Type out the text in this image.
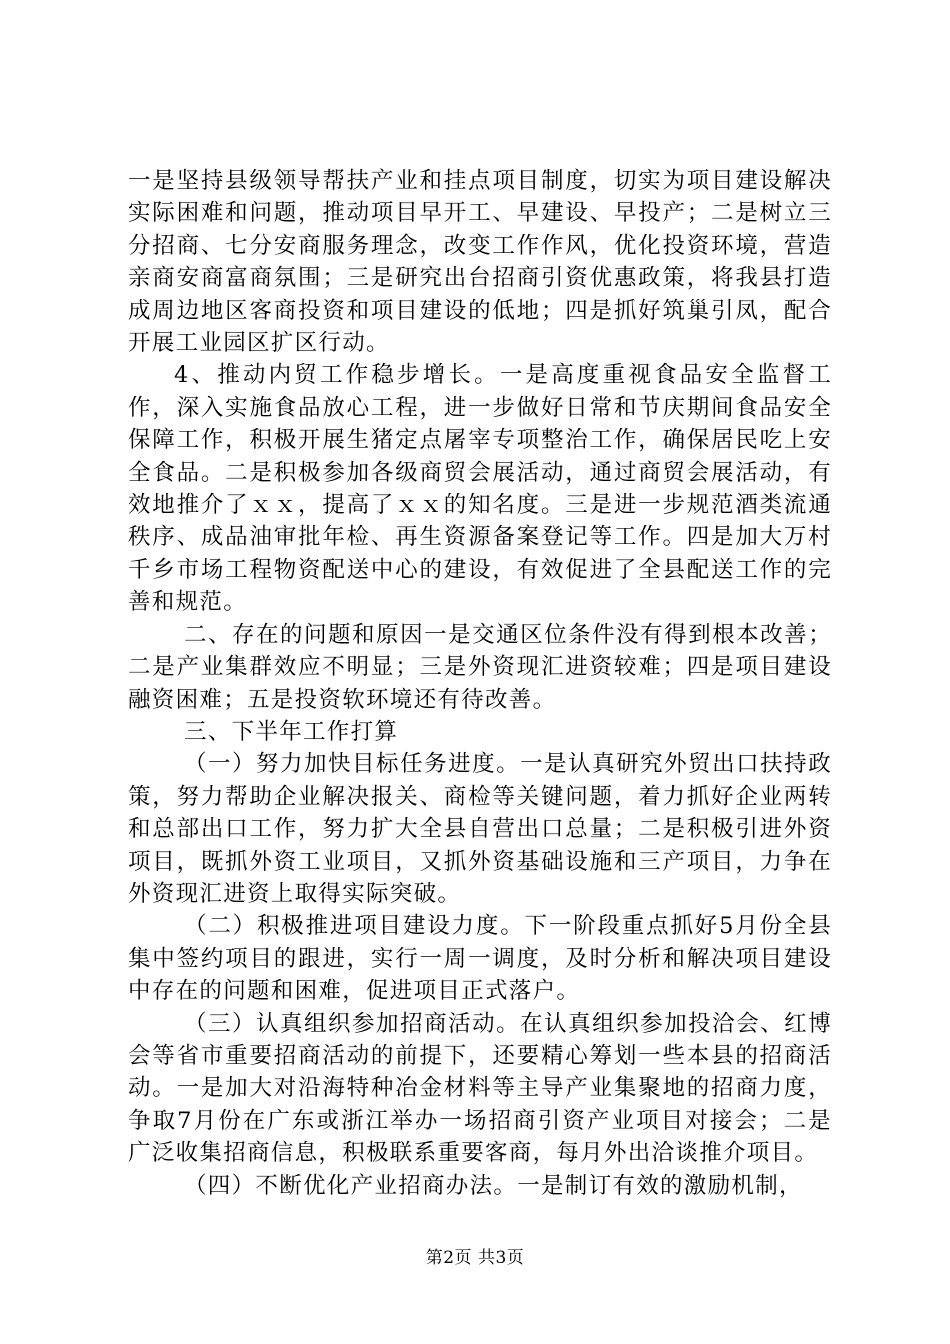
一是坚持县级领导帮扶产业和挂点项目制度，切实为项目建设解决实际困难和问题，推动项目早开工、早建设、早投产；二是树立三分招商、七分安商服务理念，改变工作作风，优化投资环境，营造亲商安商富商氛围；三是研究出台招商引资优惠政策，将我县打造成周边地区客商投资和项目建设的低地；四是抓好筑巢引凤，配合开展工业园区扩区行动。

4、推动内贸工作稳步增长。一是高度重视食品安全监督工作，深入实施食品放心工程，进一步做好日常和节庆期间食品安全保障工作，积极开展生猪定点屠宰专项整治工作，确保居民吃上安全食品。二是积极参加各级商贸会展活动，通过商贸会展活动，有效地推介了ｘｘ，提高了ｘｘ的知名度。三是进一步规范酒类流通秩序、成品油审批年检、再生资源备案登记等工作。四是加大万村千乡市场工程物资配送中心的建设，有效促进了全县配送工作的完善和规范。

二、存在的问题和原因一是交通区位条件没有得到根本改善；二是产业集群效应不明显；三是外资现汇进资较难；四是项目建设融资困难；五是投资软环境还有待改善。

三、下半年工作打算

（一）努力加快目标任务进度。一是认真研究外贸出口扶持政策，努力帮助企业解决报关、商检等关键问题，着力抓好企业两转和总部出口工作，努力扩大全县自营出口总量；二是积极引进外资项目，既抓外资工业项目，又抓外资基础设施和三产项目，力争在外资现汇进资上取得实际突破。

（二）积极推进项目建设力度。下一阶段重点抓好5月份全县集中签约项目的跟进，实行一周一调度，及时分析和解决项目建设中存在的问题和困难，促进项目正式落户。

（三）认真组织参加招商活动。在认真组织参加投洽会、红博会等省市重要招商活动的前提下，还要精心筹划一些本县的招商活动。一是加大对沿海特种冶金材料等主导产业集聚地的招商力度，争取7月份在广东或浙江举办一场招商引资产业项目对接会；二是广泛收集招商信息，积极联系重要客商，每月外出洽谈推介项目。

（四）不断优化产业招商办法。一是制订有效的激励机制，

第2页 共3页
